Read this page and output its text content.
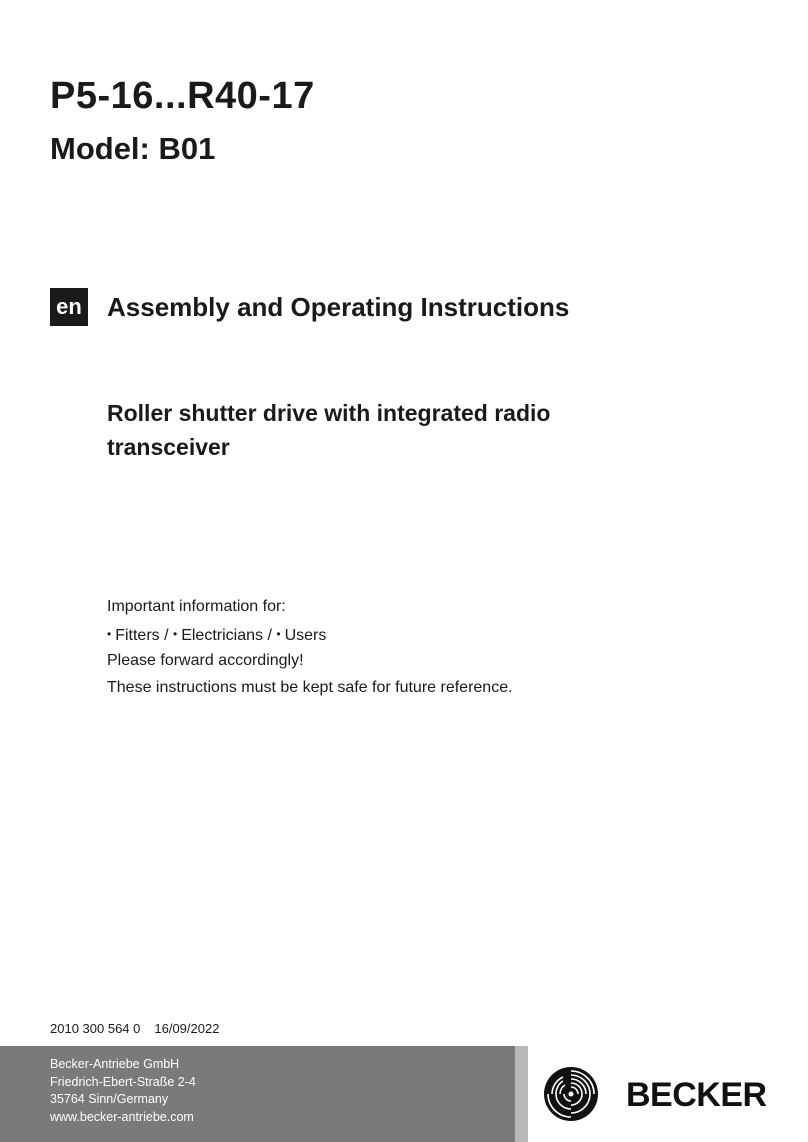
P5-16...R40-17
Model: B01
en Assembly and Operating Instructions
Roller shutter drive with integrated radio transceiver
Important information for:
• Fitters / • Electricians / • Users
Please forward accordingly!
These instructions must be kept safe for future reference.
2010 300 564 0 16/09/2022
Becker-Antriebe GmbH
Friedrich-Ebert-Straße 2-4
35764 Sinn/Germany
www.becker-antriebe.com
BECKER
